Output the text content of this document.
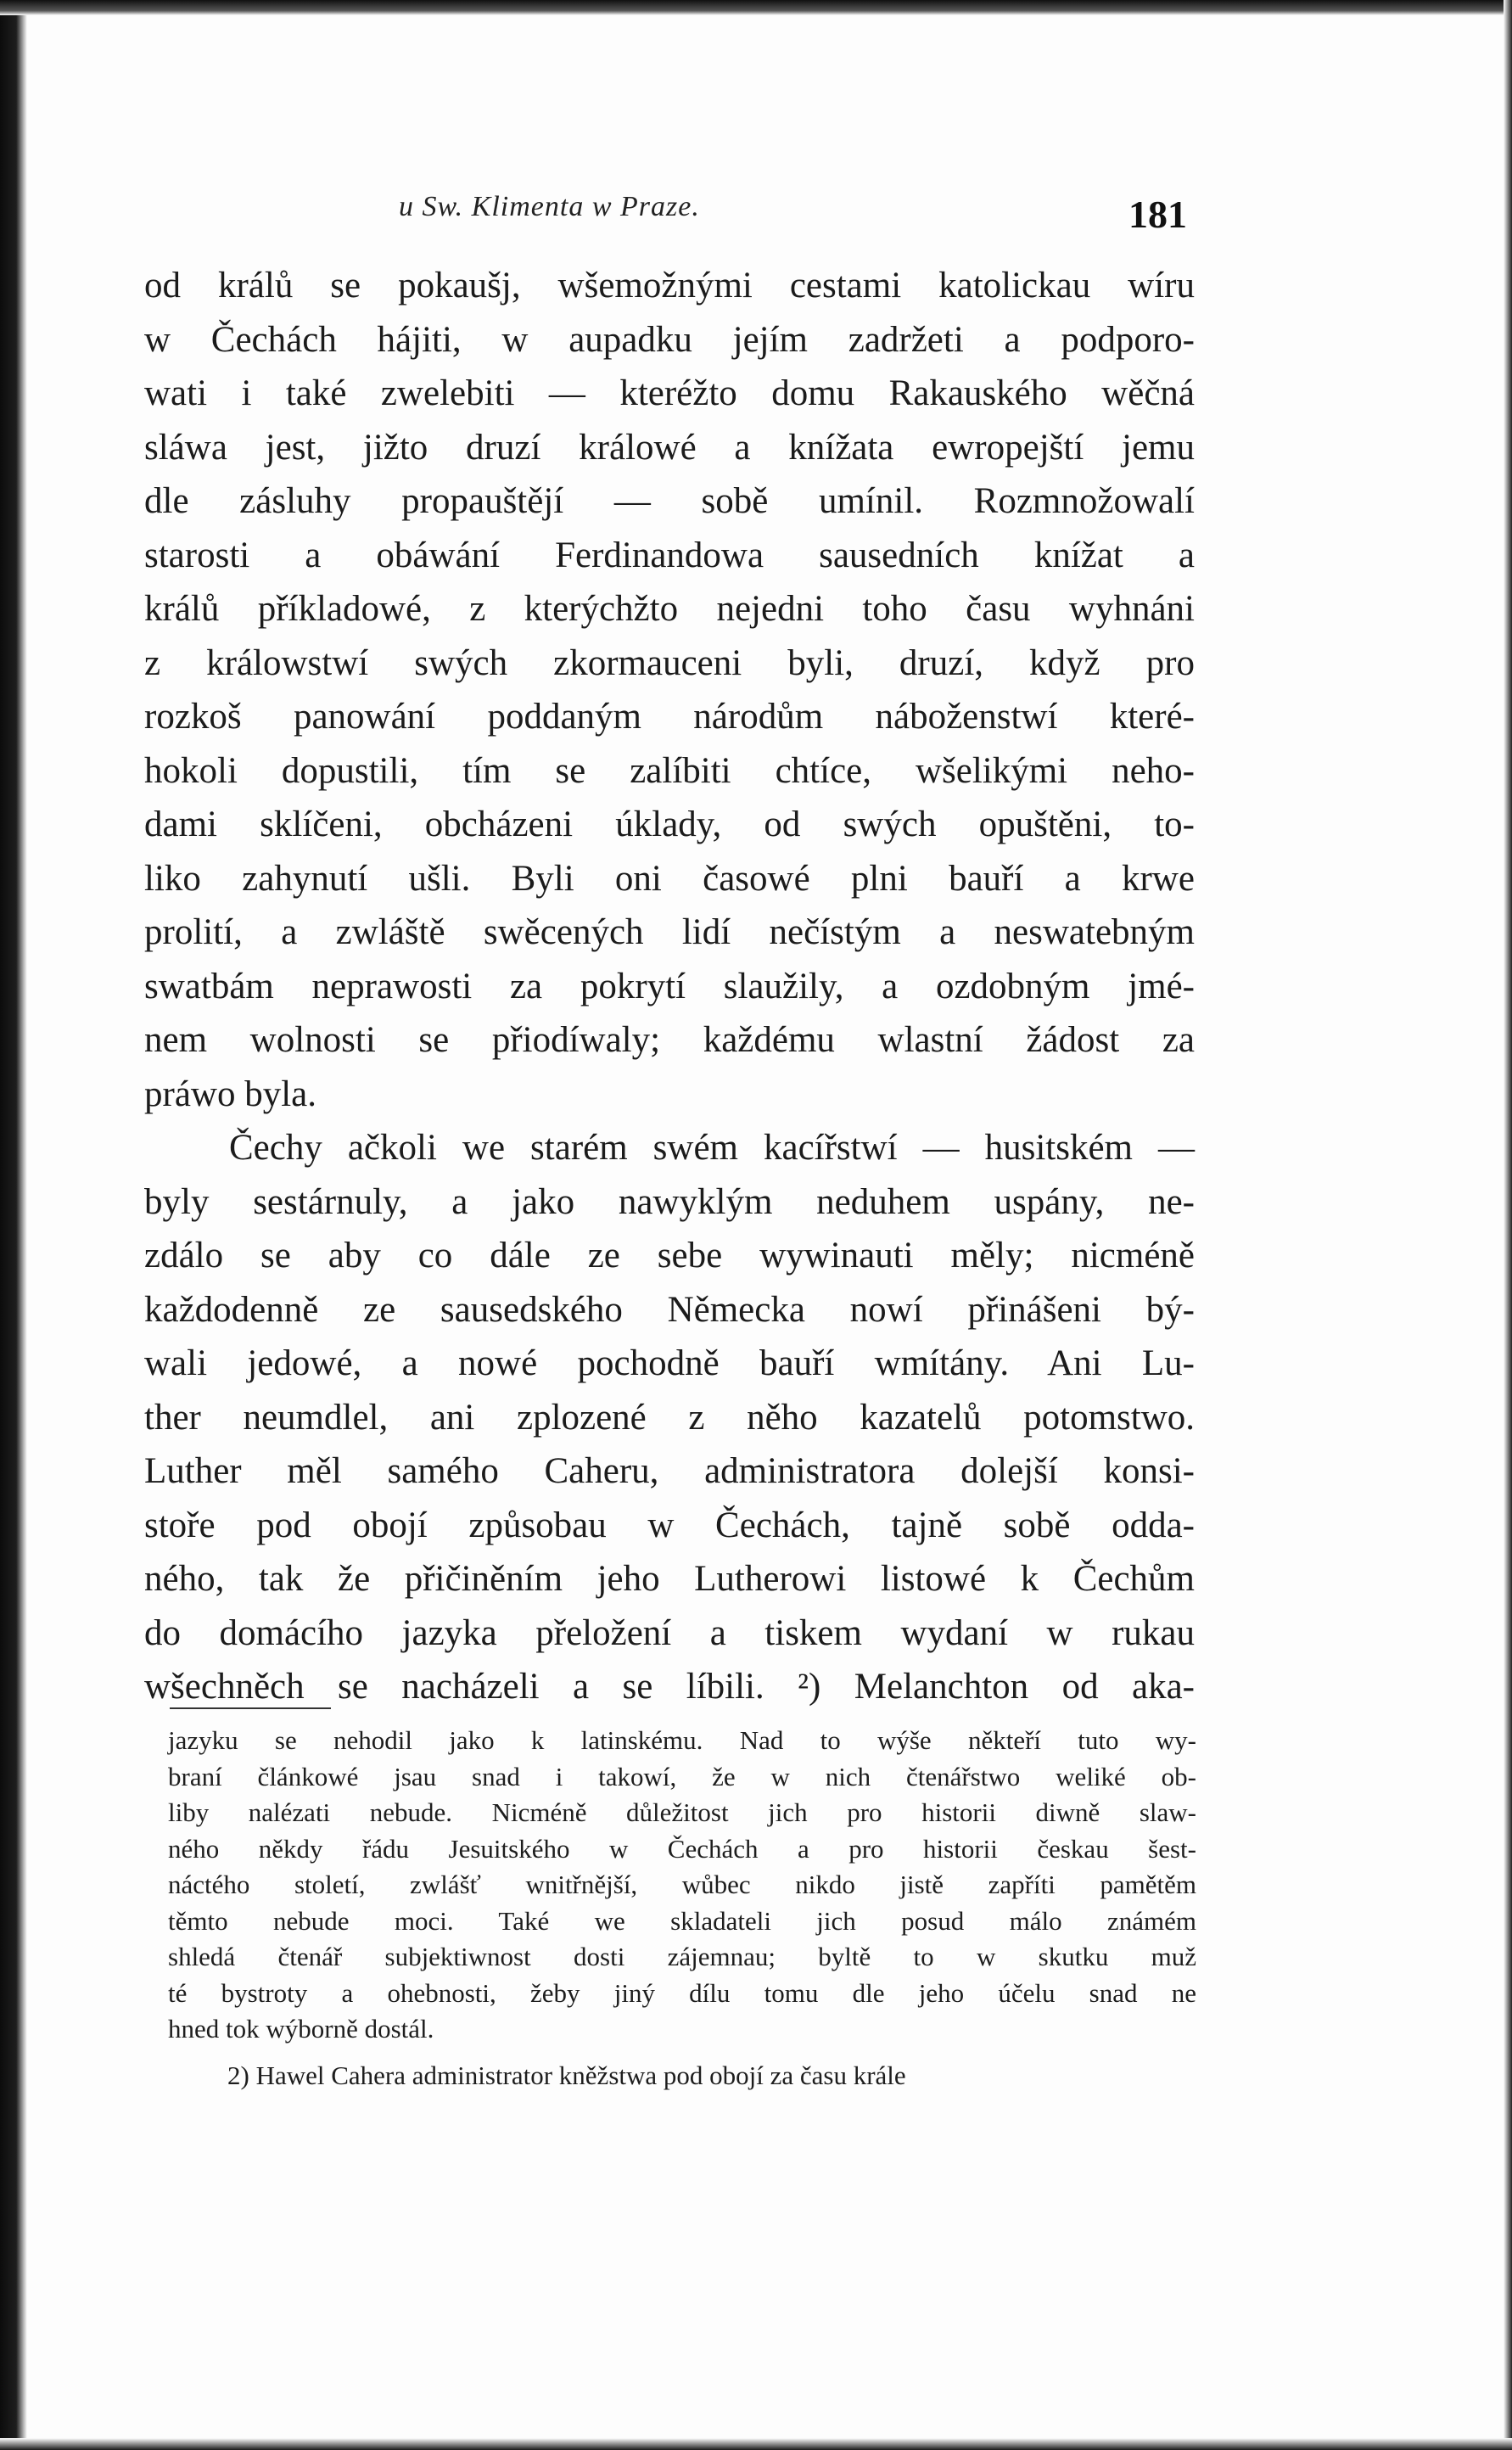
u Sw. Klimenta w Praze.	181
od králů se pokaušj, wšemožnými cestami katolickau wíru
w Čechách hájiti, w aupadku jejím zadržeti a podporo-
wati i také zwelebiti — kteréžto domu Rakauského wěčná
sláwa jest, jižto druzí králowé a knížata ewropejští jemu
dle zásluhy propauštějí — sobě umínil. Rozmnožowalí
starosti a obáwání Ferdinandowa sausedních knížat a
králů příkladowé, z kterýchžto nejedni toho času wyhnáni
z králowstwí swých zkormauceni byli, druzí, když pro
rozkoš panowání poddaným národům náboženstwí které-
hokoli dopustili, tím se zalíbiti chtíce, wšelikými neho-
dami sklíčeni, obcházeni úklady, od swých opuštěni, to-
liko zahynutí ušli. Byli oni časowé plni bauří a krwe
prolití, a zwláště swěcených lidí nečístým a neswatebným
swatbám neprawosti za pokrytí slaužily, a ozdobným jmé-
nem wolnosti se přiodíwaly; každému wlastní žádost za
práwo byla.
Čechy ačkoli we starém swém kacířstwí — husitském —
byly sestárnuly, a jako nawyklým neduhem uspány, ne-
zdálo se aby co dále ze sebe wywinauti měly; nicméně
každodenně ze sausedského Německa nowí přinášeni bý-
wali jedowé, a nowé pochodně bauří wmítány. Ani Lu-
ther neumdlel, ani zplozené z něho kazatelů potomstwo.
Luther měl samého Caheru, administratora dolejší konsi-
stoře pod obojí způsobau w Čechách, tajně sobě odda-
ného, tak že přičiněním jeho Lutherowi listowé k Čechům
do domácího jazyka přeložení a tiskem wydaní w rukau
wšechněch se nacházeli a se líbili. ²) Melanchton od aka-
jazyku se nehodil jako k latinskému. Nad to wýše někteří tuto wy-
braní článkowé jsau snad i takowí, že w nich čtenářstwo weliké ob-
liby nalézati nebude. Nicméně důležitost jich pro historii diwně slaw-
ného někdy řádu Jesuitského w Čechách a pro historii českau šest-
náctého století, zwlášť wnitřnější, wůbec nikdo jistě zapříti pamětěm
těmto nebude moci. Také we skladateli jich posud málo známém
shledá čtenář subjektiwnost dosti zájemnau; byltě to w skutku muž
té bystroty a ohebnosti, žeby jiný dílu tomu dle jeho účelu snad ne
hned tok wýborně dostál.
2) Hawel Cahera administrator kněžstwa pod obojí za času krále
